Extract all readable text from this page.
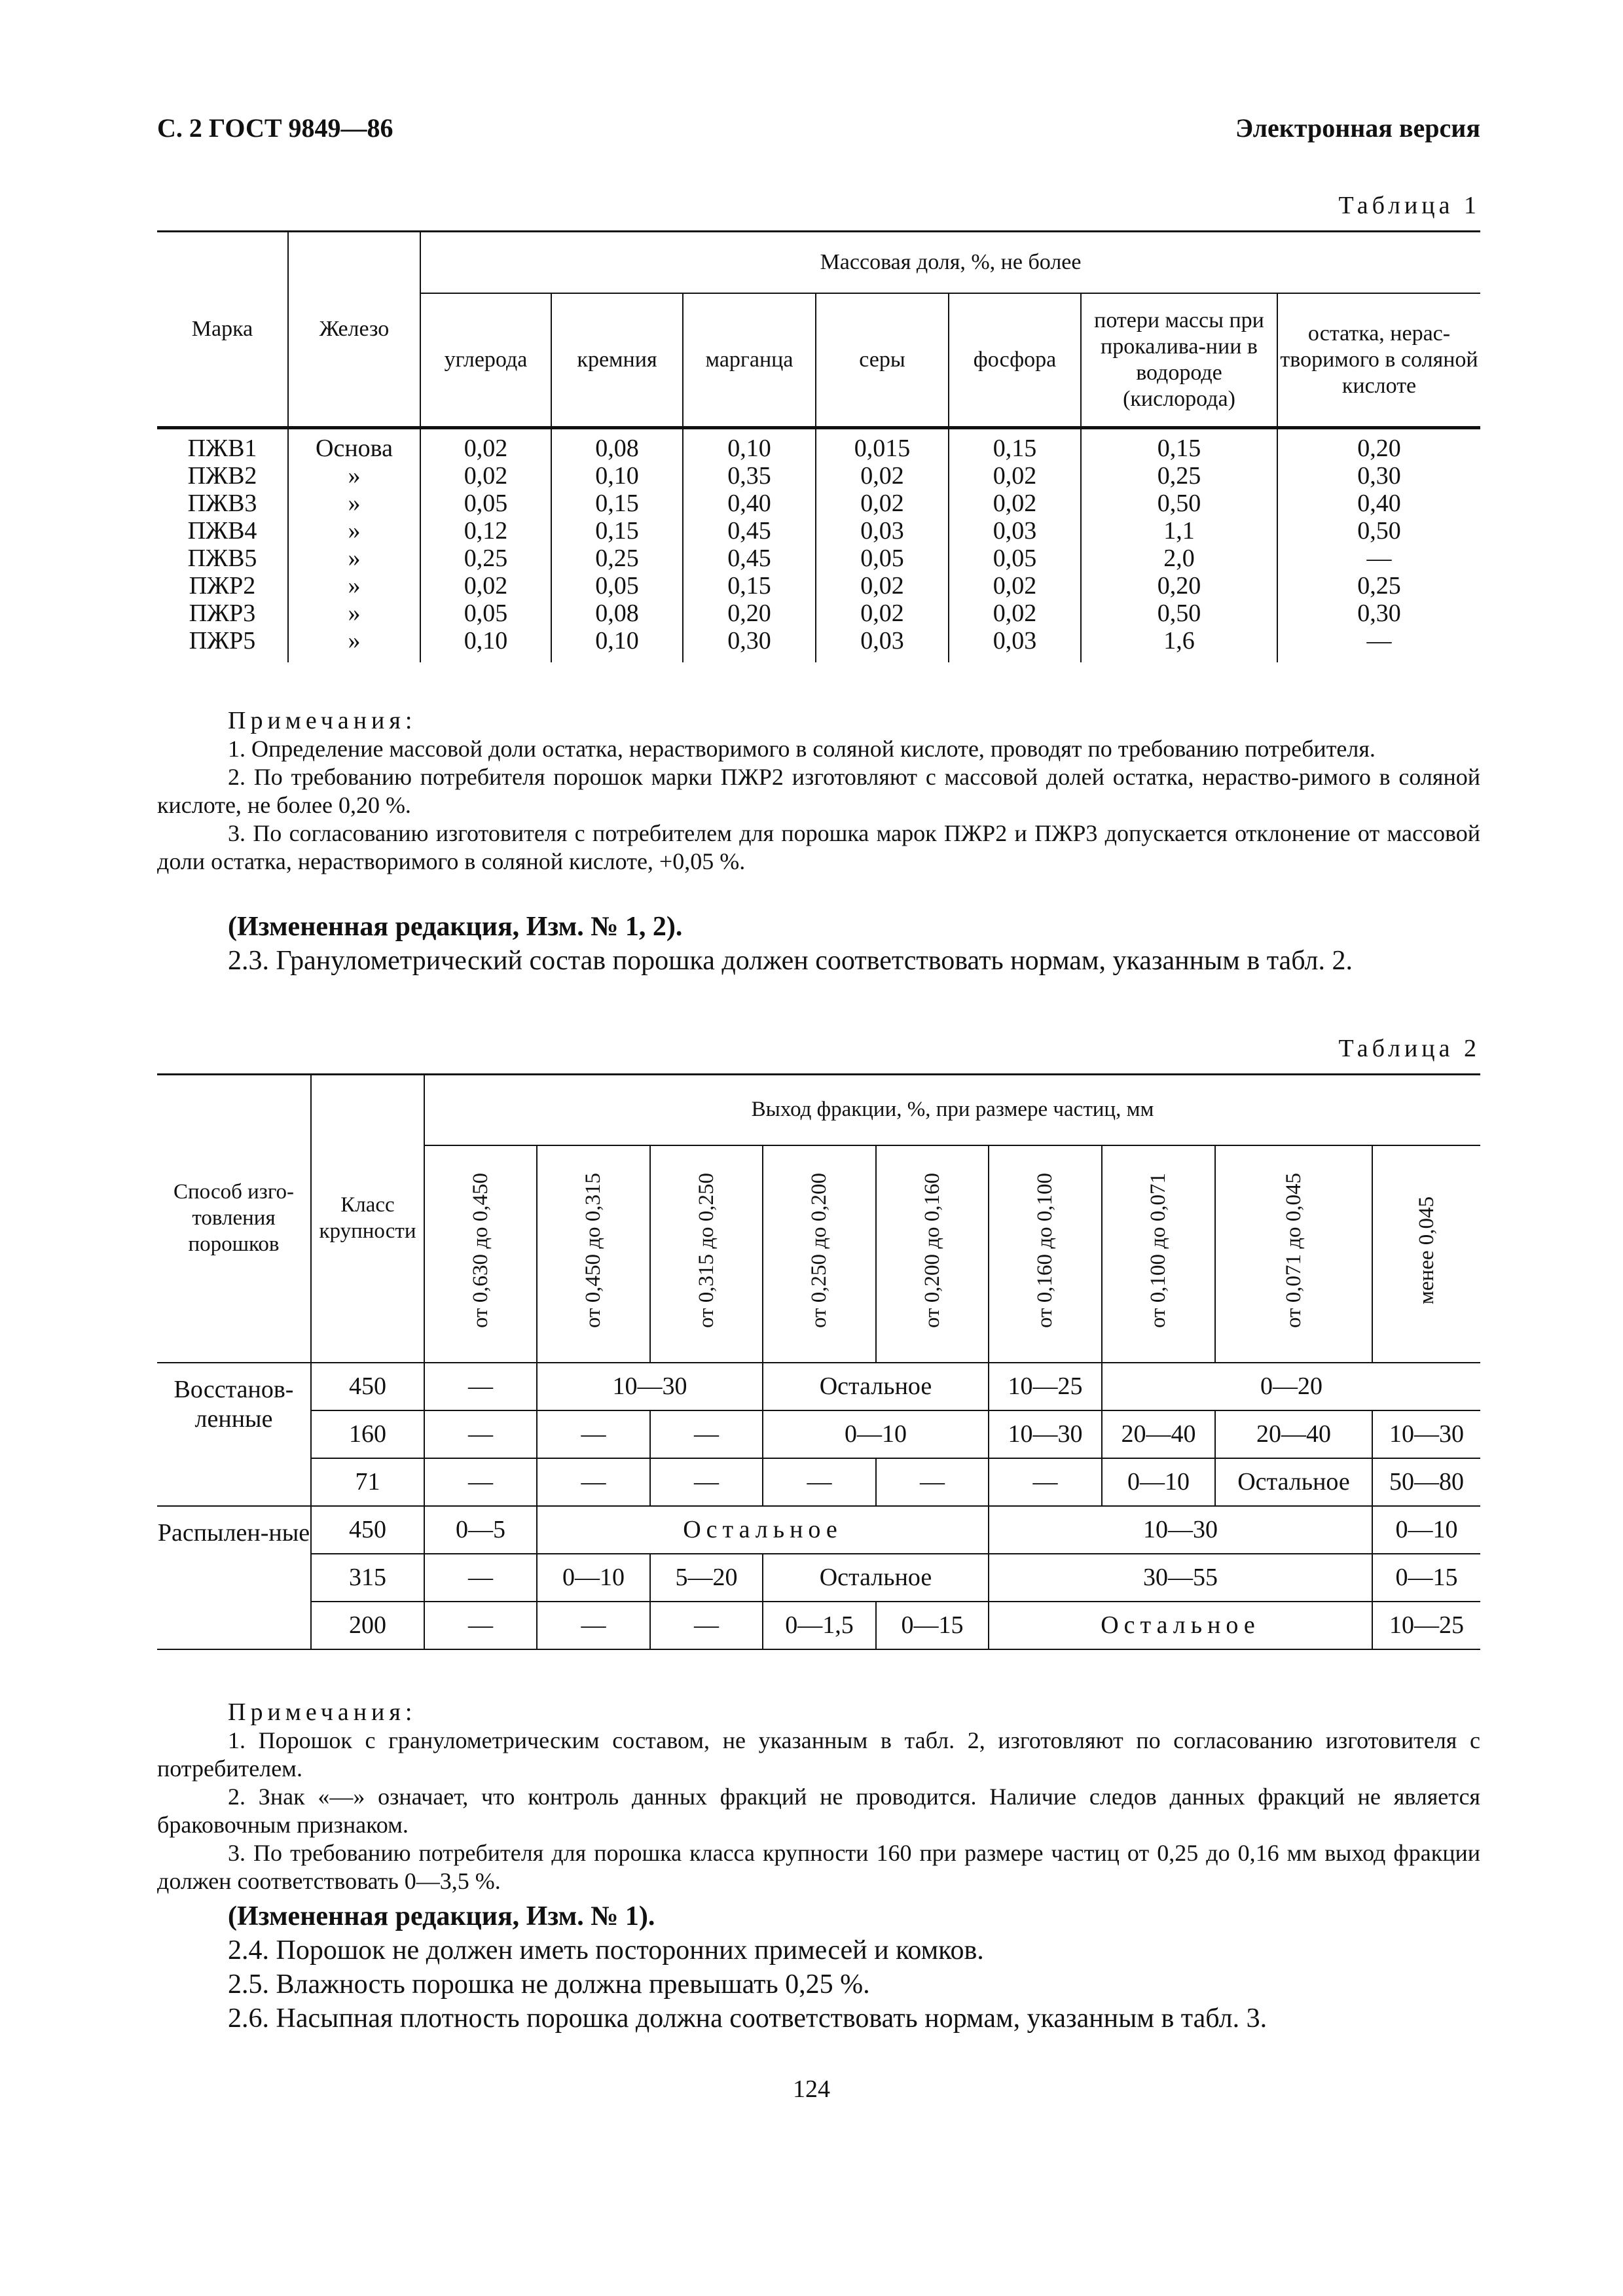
С. 2 ГОСТ 9849—86	Электронная версия
Таблица 1
Марка	Железо	Массовая доля, %, не более						
		углерода	кремния	марганца	серы	фосфора	потери массы при прокалива-нии в водороде (кислорода)	остатка, нерас-творимого в соляной кислоте
ПЖВ1	Основа	0,02	0,08	0,10	0,015	0,15	0,15	0,20
ПЖВ2	»	0,02	0,10	0,35	0,02	0,02	0,25	0,30
ПЖВ3	»	0,05	0,15	0,40	0,02	0,02	0,50	0,40
ПЖВ4	»	0,12	0,15	0,45	0,03	0,03	1,1	0,50
ПЖВ5	»	0,25	0,25	0,45	0,05	0,05	2,0	—
ПЖР2	»	0,02	0,05	0,15	0,02	0,02	0,20	0,25
ПЖР3	»	0,05	0,08	0,20	0,02	0,02	0,50	0,30
ПЖР5	»	0,10	0,10	0,30	0,03	0,03	1,6	—

Примечания:

1. Определение массовой доли остатка, нерастворимого в соляной кислоте, проводят по требованию потребителя.

2. По требованию потребителя порошок марки ПЖР2 изготовляют с массовой долей остатка, нераство-римого в соляной кислоте, не более 0,20 %.

3. По согласованию изготовителя с потребителем для порошка марок ПЖР2 и ПЖР3 допускается отклонение от массовой доли остатка, нерастворимого в соляной кислоте, +0,05 %.

(Измененная редакция, Изм. № 1, 2).

2.3. Гранулометрический состав порошка должен соответствовать нормам, указанным в табл. 2.

Таблица 2
Способ изго-товления порошков	Класс крупности	Выход фракции, %, при размере частиц, мм								
		от 0,630 до 0,450	от 0,450 до 0,315	от 0,315 до 0,250	от 0,250 до 0,200	от 0,200 до 0,160	от 0,160 до 0,100	от 0,100 до 0,071	от 0,071 до 0,045	менее 0,045
Восстанов-ленные	450	—	10—30		Остальное		10—25	0—20		
	160	—	—	—	0—10		10—30	20—40	20—40	10—30
	71	—	—	—	—	—	—	0—10	Остальное	50—80
Распылен-ные	450	0—5	Остальное				10—30			0—10
	315	—	0—10	5—20	Остальное		30—55			0—15
	200	—	—	—	0—1,5	0—15	Остальное			10—25

Примечания:

1. Порошок с гранулометрическим составом, не указанным в табл. 2, изготовляют по согласованию изготовителя с потребителем.

2. Знак «—» означает, что контроль данных фракций не проводится. Наличие следов данных фракций не является браковочным признаком.

3. По требованию потребителя для порошка класса крупности 160 при размере частиц от 0,25 до 0,16 мм выход фракции должен соответствовать 0—3,5 %.

(Измененная редакция, Изм. № 1).

2.4. Порошок не должен иметь посторонних примесей и комков.

2.5. Влажность порошка не должна превышать 0,25 %.

2.6. Насыпная плотность порошка должна соответствовать нормам, указанным в табл. 3.

124
